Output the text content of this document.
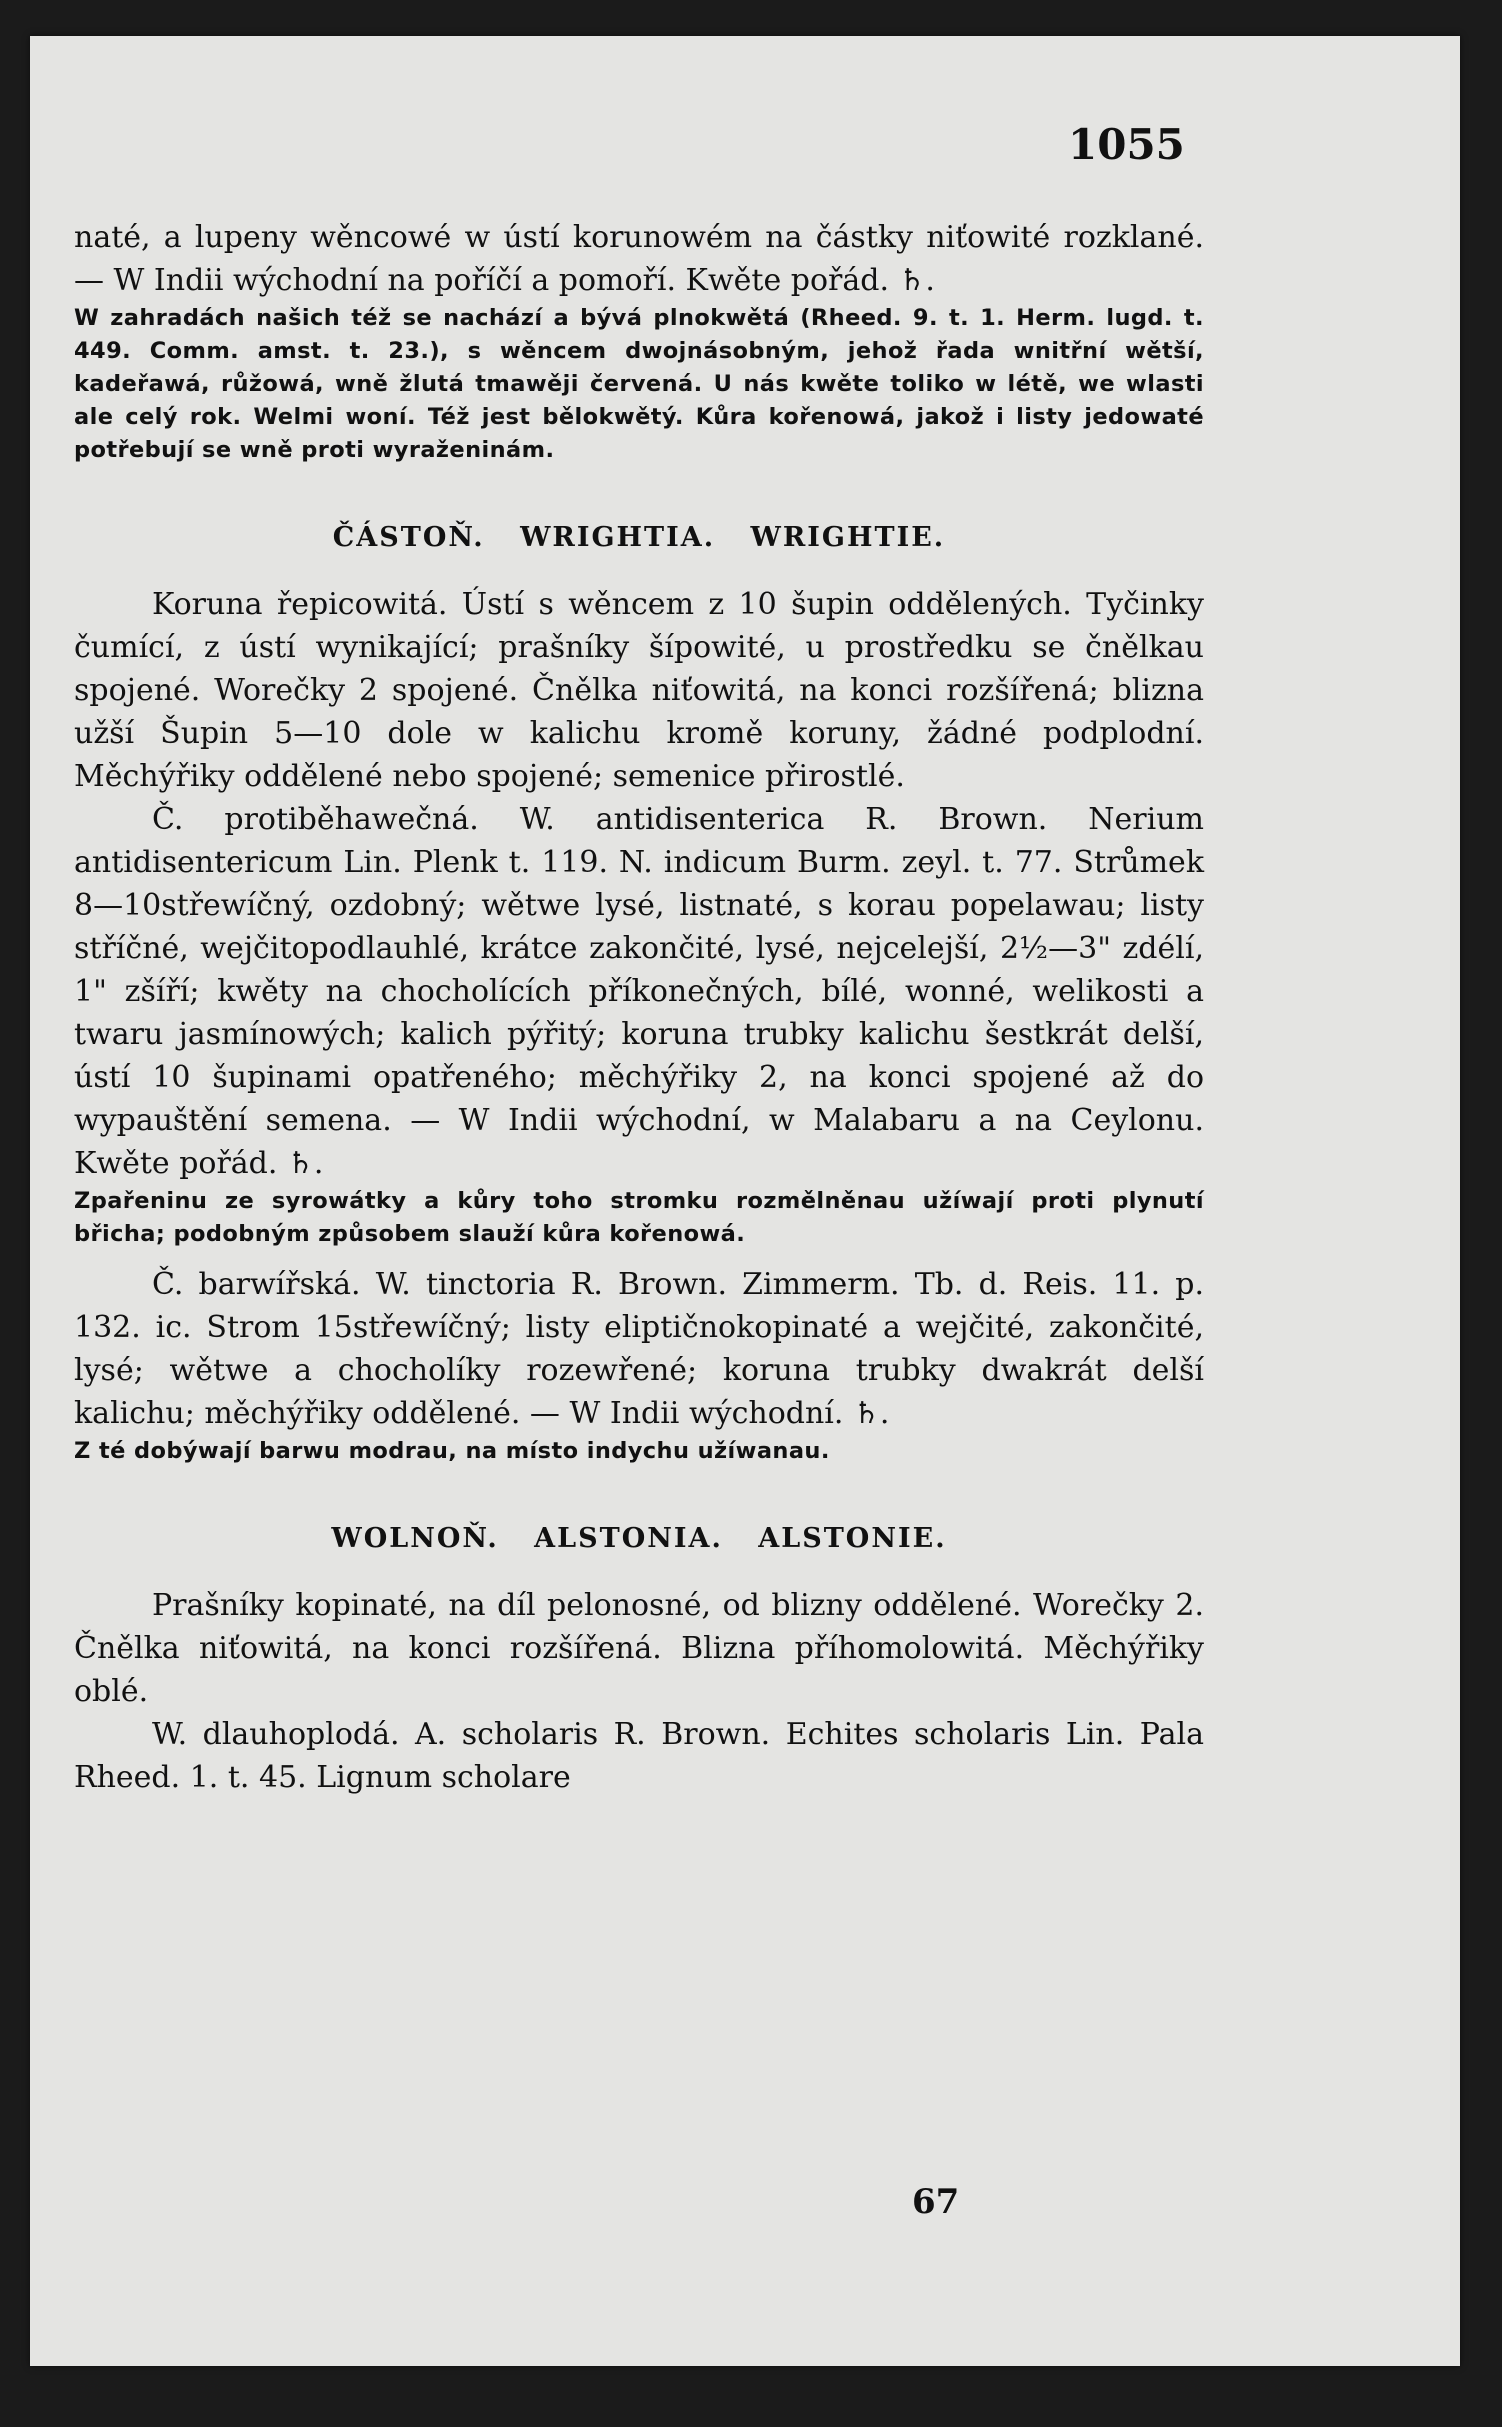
1055

naté, a lupeny wěncowé w ústí korunowém na částky niťowité rozklané. — W Indii wýchodní na poříčí a pomoří. Kwěte pořád. ♄.

W zahradách našich též se nachází a bývá plnokwětá (Rheed. 9. t. 1. Herm. lugd. t. 449. Comm. amst. t. 23.), s wěncem dwojnásobným, jehož řada wnitřní wětší, kadeřawá, růžowá, wně žlutá tmawěji červená. U nás kwěte toliko w létě, we wlasti ale celý rok. Welmi woní. Též jest bělokwětý. Kůra kořenowá, jakož i listy jedowaté potřebují se wně proti wyraženinám.

ČÁSTOŇ. WRIGHTIA. WRIGHTIE.

Koruna řepicowitá. Ústí s wěncem z 10 šupin oddělených. Tyčinky čumící, z ústí wynikající; prašníky šípowité, u prostředku se čnělkau spojené. Worečky 2 spojené. Čnělka niťowitá, na konci rozšířená; blizna užší Šupin 5—10 dole w kalichu kromě koruny, žádné podplodní. Měchýřiky oddělené nebo spojené; semenice přirostlé.

Č. protiběhawečná. W. antidisenterica R. Brown. Nerium antidisentericum Lin. Plenk t. 119. N. indicum Burm. zeyl. t. 77. Strůmek 8—10střewíčný, ozdobný; wětwe lysé, listnaté, s korau popelawau; listy stříčné, wejčitopodlauhlé, krátce zakončité, lysé, nejcelejší, 2½—3" zdélí, 1" zšíří; kwěty na chocholících příkonečných, bílé, wonné, welikosti a twaru jasmínowých; kalich pýřitý; koruna trubky kalichu šestkrát delší, ústí 10 šupinami opatřeného; měchýřiky 2, na konci spojené až do wypauštění semena. — W Indii wýchodní, w Malabaru a na Ceylonu. Kwěte pořád. ♄.

Zpařeninu ze syrowátky a kůry toho stromku rozmělněnau užíwají proti plynutí břicha; podobným způsobem slauží kůra kořenowá.

Č. barwířská. W. tinctoria R. Brown. Zimmerm. Tb. d. Reis. 11. p. 132. ic. Strom 15střewíčný; listy eliptičnokopinaté a wejčité, zakončité, lysé; wětwe a chocholíky rozewřené; koruna trubky dwakrát delší kalichu; měchýřiky oddělené. — W Indii wýchodní. ♄.

Z té dobýwají barwu modrau, na místo indychu užíwanau.

WOLNOŇ. ALSTONIA. ALSTONIE.

Prašníky kopinaté, na díl pelonosné, od blizny oddělené. Worečky 2. Čnělka niťowitá, na konci rozšířená. Blizna příhomolowitá. Měchýřiky oblé.

W. dlauhoplodá. A. scholaris R. Brown. Echites scholaris Lin. Pala Rheed. 1. t. 45. Lignum scholare

67
